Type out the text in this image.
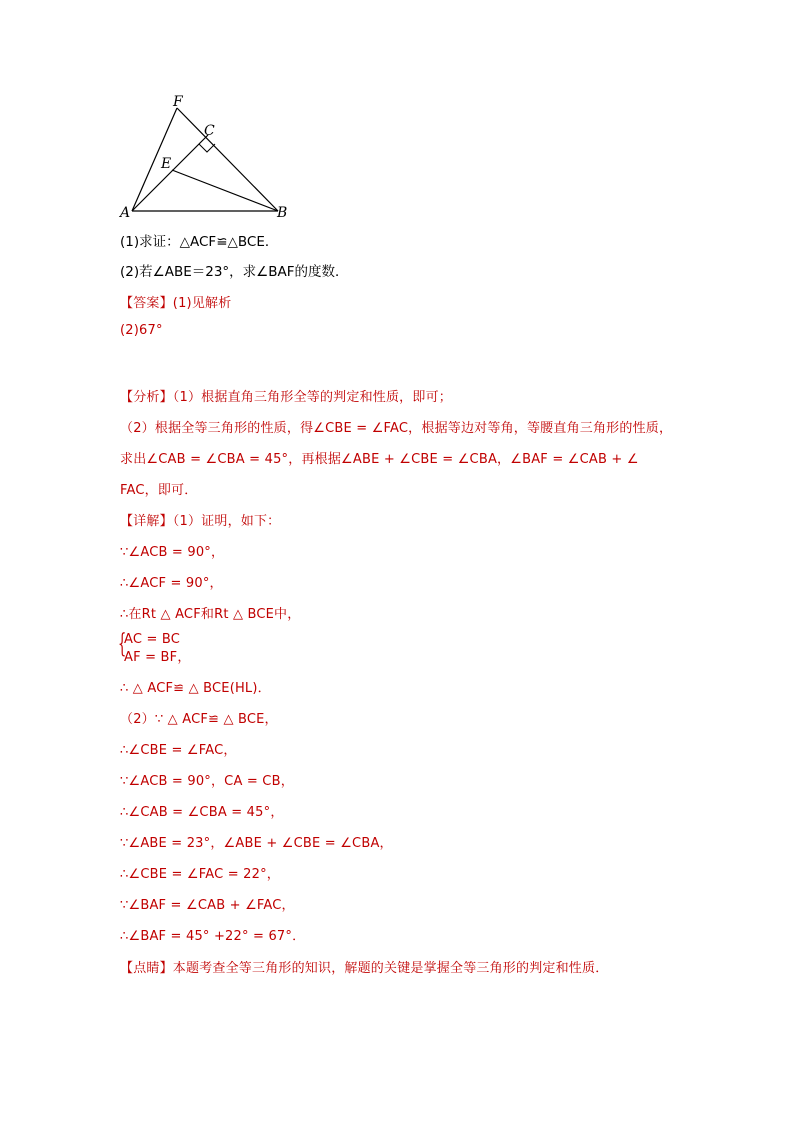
F
C
E
A	B
(1)求证：△ACF≌△BCE．
(2)若∠ABE＝23°，求∠BAF的度数．
【答案】(1)见解析
(2)67°
【分析】（1）根据直角三角形全等的判定和性质，即可；
（2）根据全等三角形的性质，得∠CBE = ∠FAC，根据等边对等角，等腰直角三角形的性质，
求出∠CAB = ∠CBA = 45°，再根据∠ABE + ∠CBE = ∠CBA，∠BAF = ∠CAB + ∠
FAC，即可．
【详解】（1）证明，如下：
∵∠ACB = 90°，
∴∠ACF = 90°，
∴在Rt △ ACF和Rt △ BCE中，
{
AC = BC
AF = BF，
∴ △ ACF≌ △ BCE(HL)．
（2）∵ △ ACF≌ △ BCE，
∴∠CBE = ∠FAC，
∵∠ACB = 90°，CA = CB，
∴∠CAB = ∠CBA = 45°，
∵∠ABE = 23°，∠ABE + ∠CBE = ∠CBA，
∴∠CBE = ∠FAC = 22°，
∵∠BAF = ∠CAB + ∠FAC，
∴∠BAF = 45° +22° = 67°．
【点睛】本题考查全等三角形的知识，解题的关键是掌握全等三角形的判定和性质．
